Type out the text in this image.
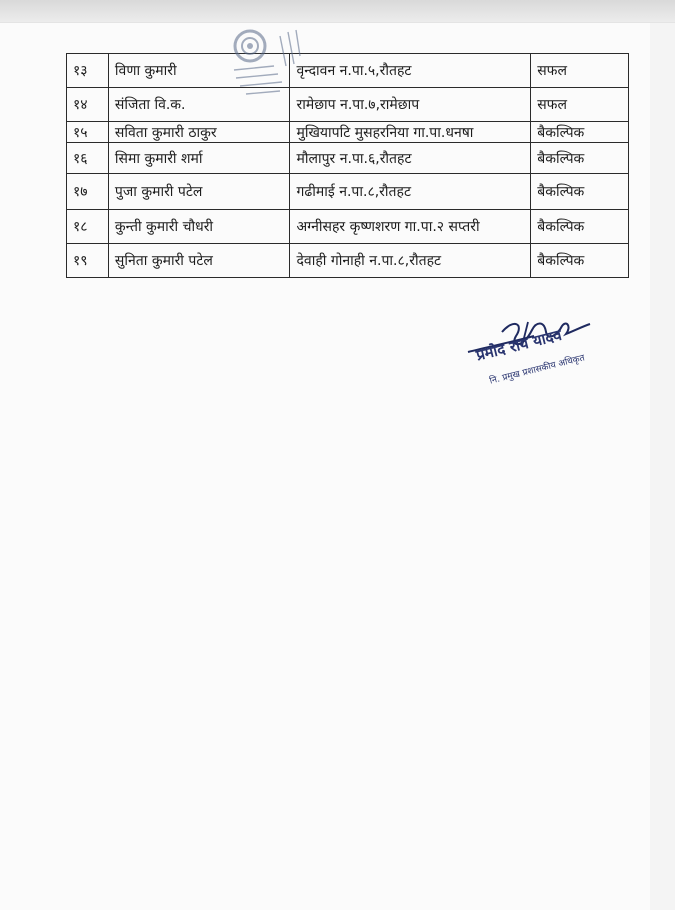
१३	विणा कुमारी	वृन्दावन न.पा.५,रौतहट	सफल
१४	संजिता वि.क.	रामेछाप न.पा.७,रामेछाप	सफल
१५	सविता कुमारी ठाकुर	मुखियापटि मुसहरनिया गा.पा.धनषा	बैकल्पिक
१६	सिमा कुमारी शर्मा	मौलापुर न.पा.६,रौतहट	बैकल्पिक
१७	पुजा कुमारी पटेल	गढीमाई न.पा.८,रौतहट	बैकल्पिक
१८	कुन्ती कुमारी चौधरी	अग्नीसहर कृष्णशरण गा.पा.२ सप्तरी	बैकल्पिक
१९	सुनिता कुमारी पटेल	देवाही गोनाही न.पा.८,रौतहट	बैकल्पिक
प्रमोद राय यादव
नि. प्रमुख प्रशासकीय अधिकृत
